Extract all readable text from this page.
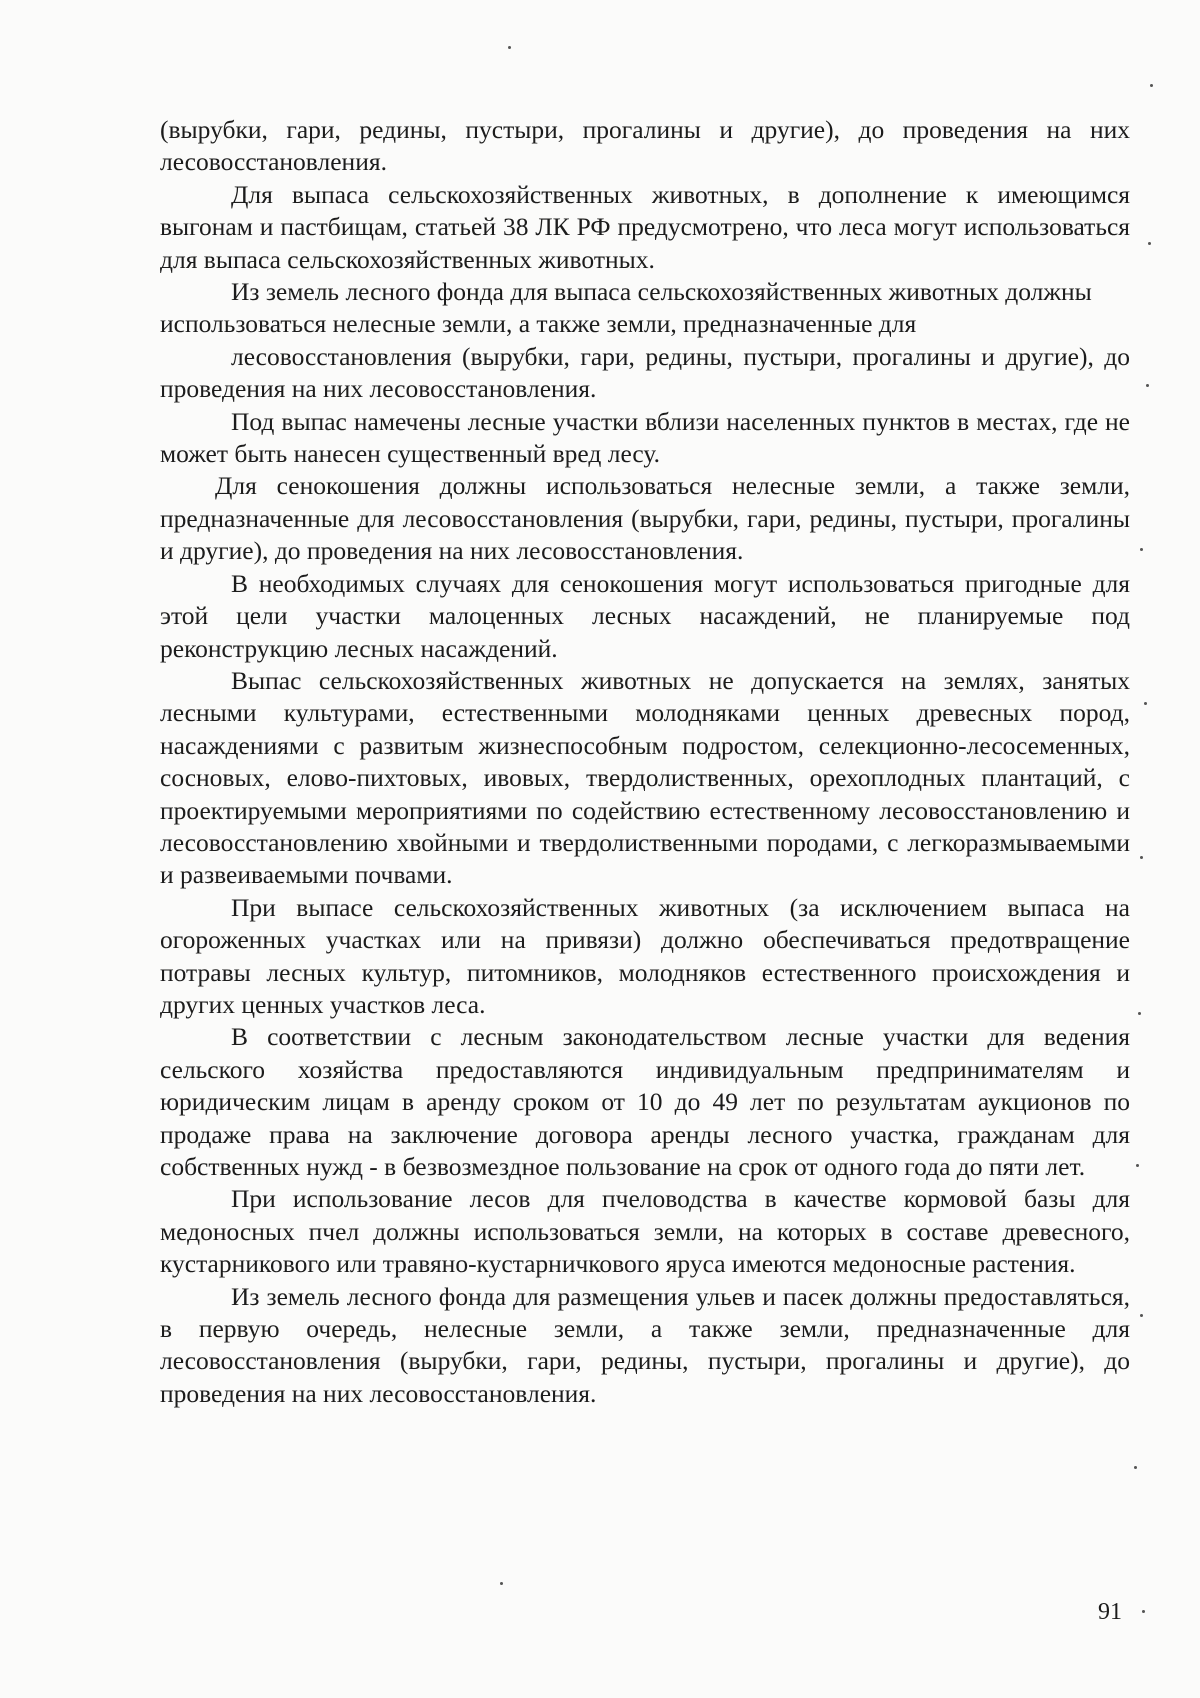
(вырубки, гари, редины, пустыри, прогалины и другие), до проведения на них лесовосстановления.

Для выпаса сельскохозяйственных животных, в дополнение к имеющимся выгонам и пастбищам, статьей 38 ЛК РФ предусмотрено, что леса могут использоваться для выпаса сельскохозяйственных животных.

Из земель лесного фонда для выпаса сельскохозяйственных животных должны использоваться нелесные земли, а также земли, предназначенные для

лесовосстановления (вырубки, гари, редины, пустыри, прогалины и другие), до проведения на них лесовосстановления.

Под выпас намечены лесные участки вблизи населенных пунктов в местах, где не может быть нанесен существенный вред лесу.

Для сенокошения должны использоваться нелесные земли, а также земли, предназначенные для лесовосстановления (вырубки, гари, редины, пустыри, прогалины и другие), до проведения на них лесовосстановления.

В необходимых случаях для сенокошения могут использоваться пригодные для этой цели участки малоценных лесных насаждений, не планируемые под реконструкцию лесных насаждений.

Выпас сельскохозяйственных животных не допускается на землях, занятых лесными культурами, естественными молодняками ценных древесных пород, насаждениями с развитым жизнеспособным подростом, селекционно-лесосеменных, сосновых, елово-пихтовых, ивовых, твердолиственных, орехоплодных плантаций, с проектируемыми мероприятиями по содействию естественному лесовосстановлению и лесовосстановлению хвойными и твердолиственными породами, с легкоразмываемыми и развеиваемыми почвами.

При выпасе сельскохозяйственных животных (за исключением выпаса на огороженных участках или на привязи) должно обеспечиваться предотвращение потравы лесных культур, питомников, молодняков естественного происхождения и других ценных участков леса.

В соответствии с лесным законодательством лесные участки для ведения сельского хозяйства предоставляются индивидуальным предпринимателям и юридическим лицам в аренду сроком от 10 до 49 лет по результатам аукционов по продаже права на заключение договора аренды лесного участка, гражданам для собственных нужд - в безвозмездное пользование на срок от одного года до пяти лет.

При использование лесов для пчеловодства в качестве кормовой базы для медоносных пчел должны использоваться земли, на которых в составе древесного, кустарникового или травяно-кустарничкового яруса имеются медоносные растения.

Из земель лесного фонда для размещения ульев и пасек должны предоставляться, в первую очередь, нелесные земли, а также земли, предназначенные для лесовосстановления (вырубки, гари, редины, пустыри, прогалины и другие), до проведения на них лесовосстановления.

91
